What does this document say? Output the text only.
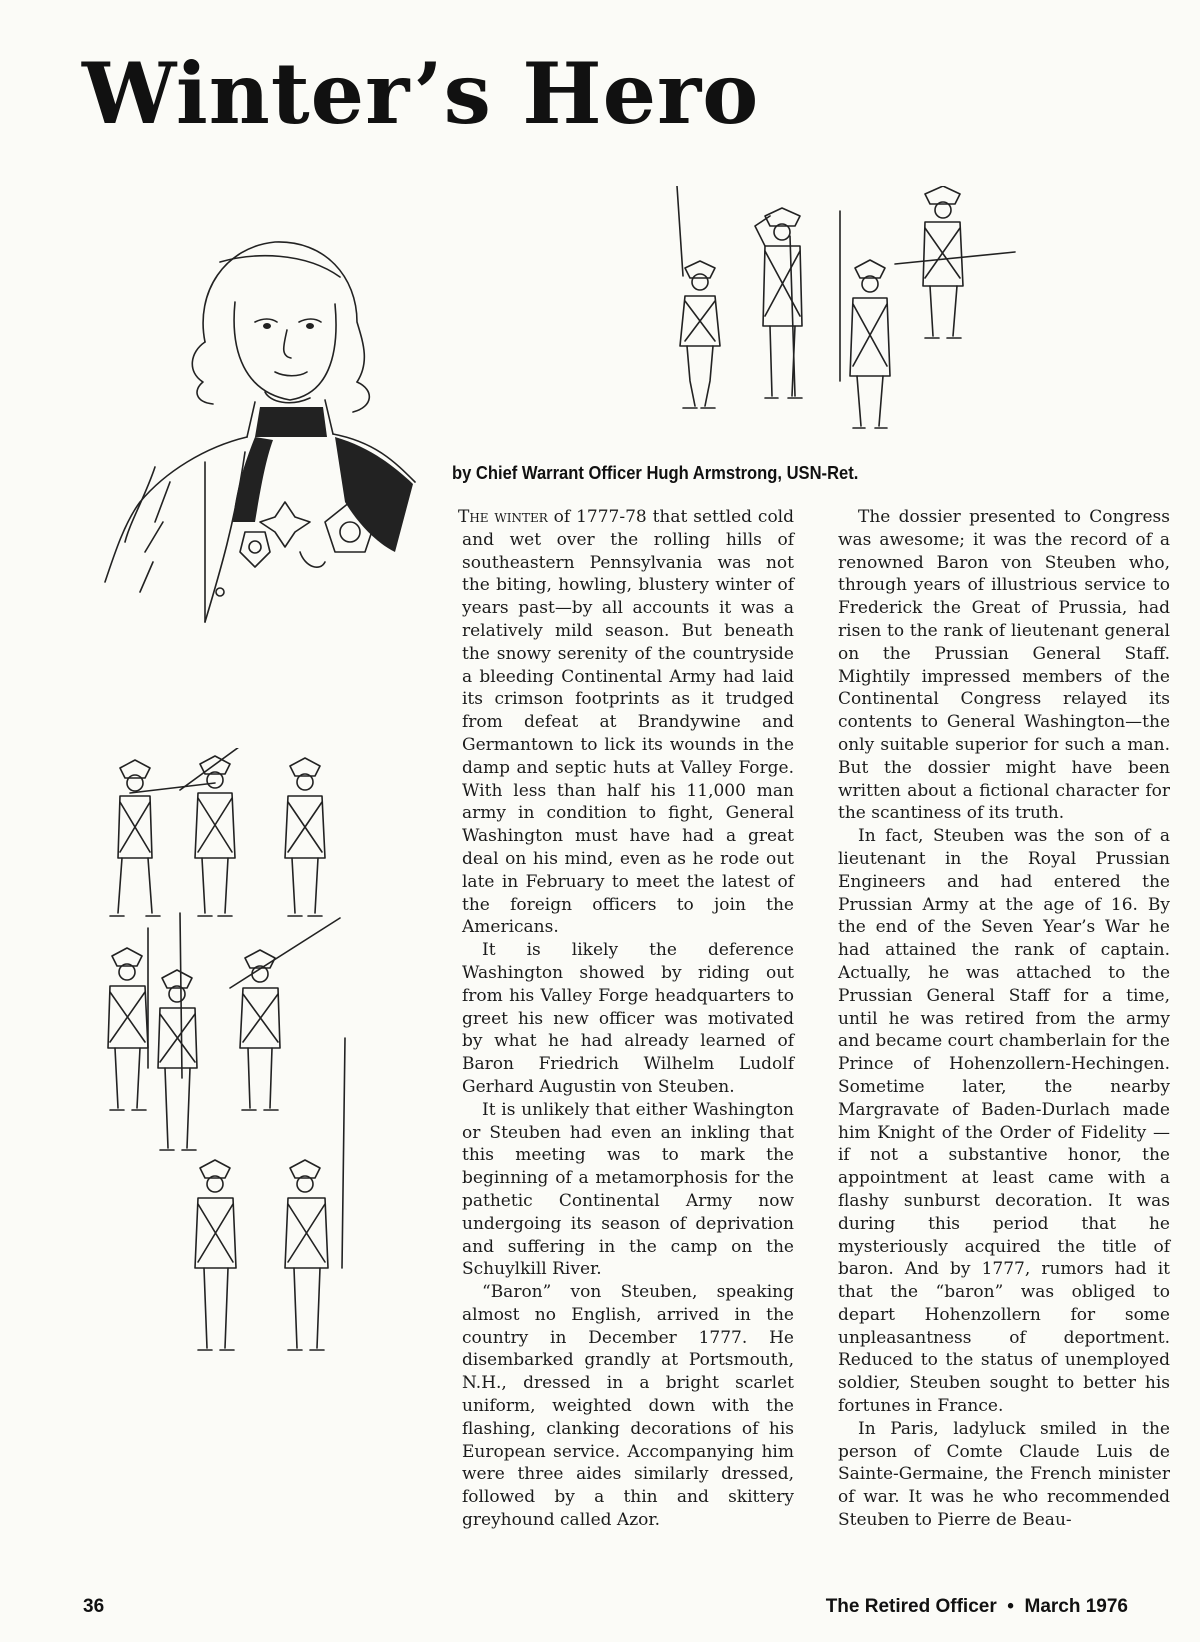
Winter’s Hero

by Chief Warrant Officer Hugh Armstrong, USN-Ret.

The winter of 1777-78 that settled cold and wet over the rolling hills of southeastern Pennsylvania was not the biting, howling, blustery winter of years past—by all accounts it was a relatively mild season. But beneath the snowy serenity of the countryside a bleeding Continental Army had laid its crimson footprints as it trudged from defeat at Brandywine and Germantown to lick its wounds in the damp and septic huts at Valley Forge. With less than half his 11,000 man army in condition to fight, General Washington must have had a great deal on his mind, even as he rode out late in February to meet the latest of the foreign officers to join the Americans.

It is likely the deference Washington showed by riding out from his Valley Forge headquarters to greet his new officer was motivated by what he had already learned of Baron Friedrich Wilhelm Ludolf Gerhard Augustin von Steuben.

It is unlikely that either Washington or Steuben had even an inkling that this meeting was to mark the beginning of a metamorphosis for the pathetic Continental Army now undergoing its season of deprivation and suffering in the camp on the Schuylkill River.

“Baron” von Steuben, speaking almost no English, arrived in the country in December 1777. He disembarked grandly at Portsmouth, N.H., dressed in a bright scarlet uniform, weighted down with the flashing, clanking decorations of his European service. Accompanying him were three aides similarly dressed, followed by a thin and skittery greyhound called Azor.

The dossier presented to Congress was awesome; it was the record of a renowned Baron von Steuben who, through years of illustrious service to Frederick the Great of Prussia, had risen to the rank of lieutenant general on the Prussian General Staff. Mightily impressed members of the Continental Congress relayed its contents to General Washington—the only suitable superior for such a man. But the dossier might have been written about a fictional character for the scantiness of its truth.

In fact, Steuben was the son of a lieutenant in the Royal Prussian Engineers and had entered the Prussian Army at the age of 16. By the end of the Seven Year’s War he had attained the rank of captain. Actually, he was attached to the Prussian General Staff for a time, until he was retired from the army and became court chamberlain for the Prince of Hohenzollern-Hechingen. Sometime later, the nearby Margravate of Baden-Durlach made him Knight of the Order of Fidelity —if not a substantive honor, the appointment at least came with a flashy sunburst decoration. It was during this period that he mysteriously acquired the title of baron. And by 1777, rumors had it that the “baron” was obliged to depart Hohenzollern for some unpleasantness of deportment. Reduced to the status of unemployed soldier, Steuben sought to better his fortunes in France.

In Paris, ladyluck smiled in the person of Comte Claude Luis de Sainte-Germaine, the French minister of war. It was he who recommended Steuben to Pierre de Beau-

36	The Retired Officer  •  March 1976
